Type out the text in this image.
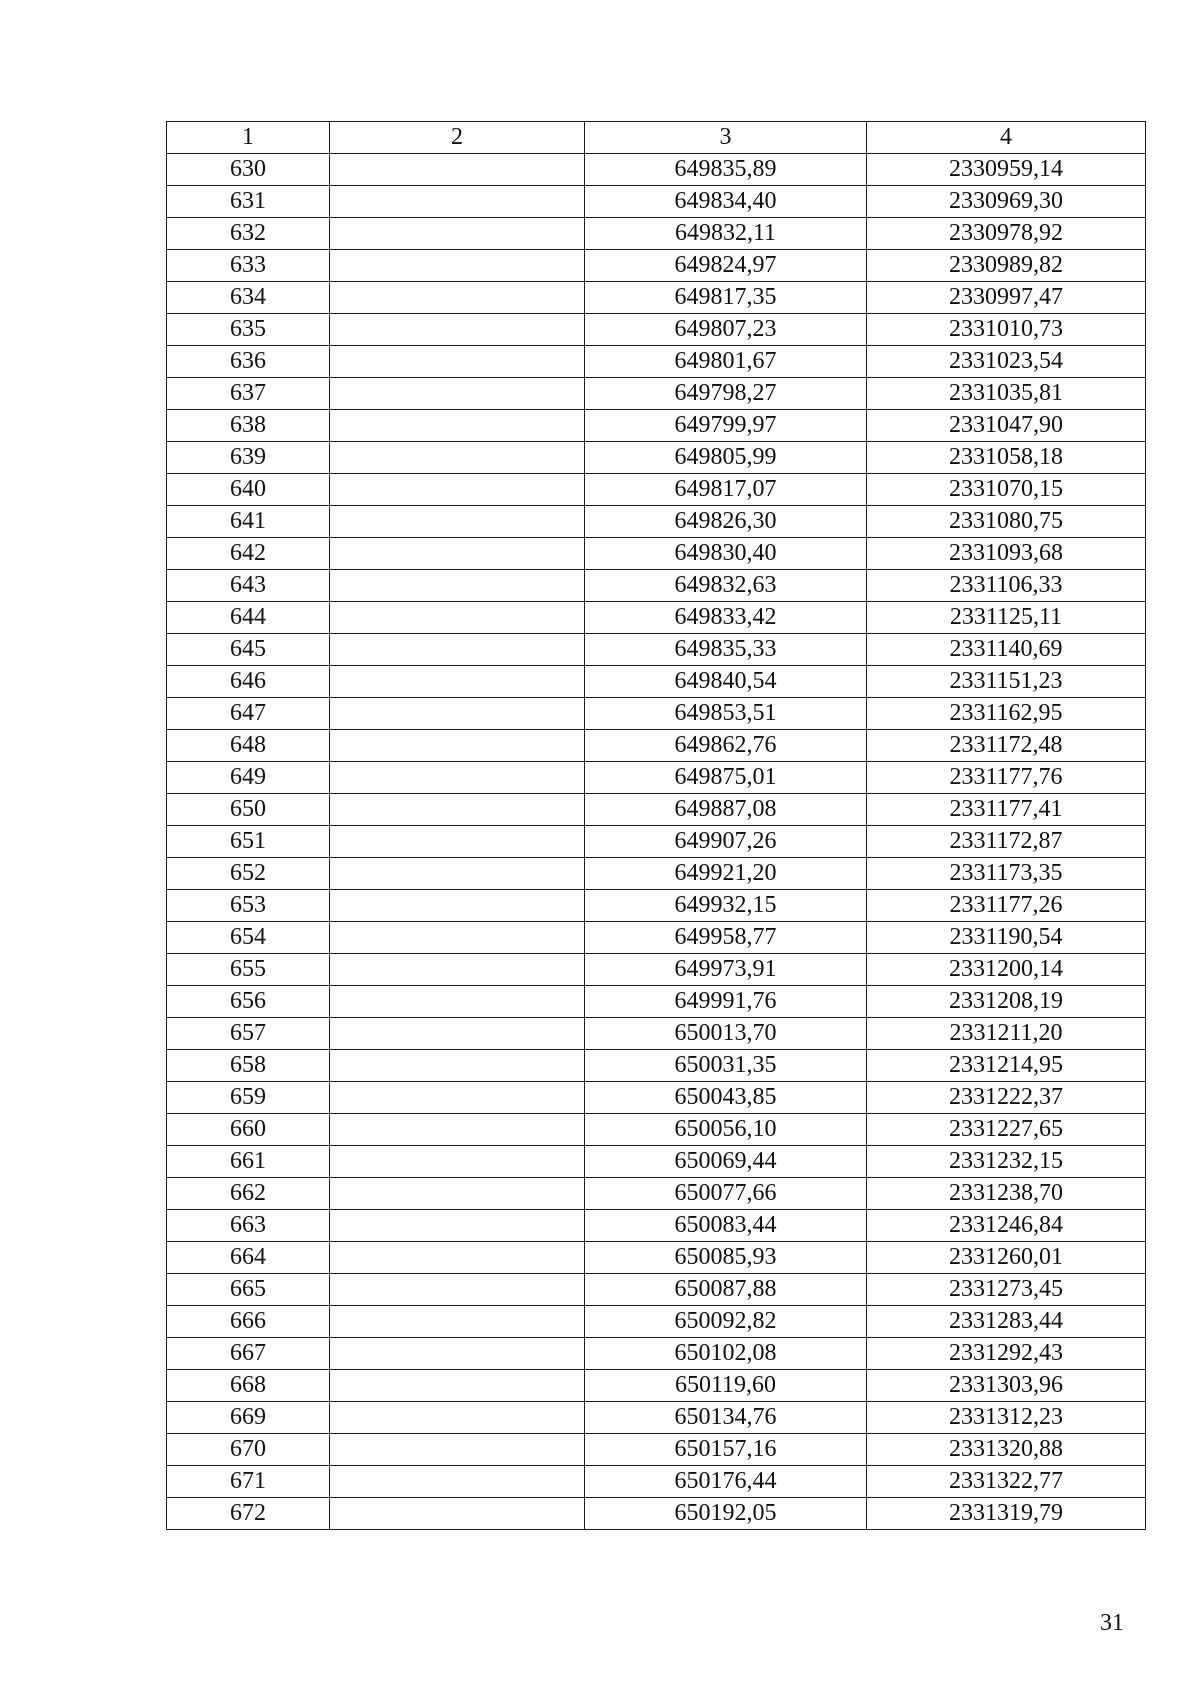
1	2	3	4
630		649835,89	2330959,14
631		649834,40	2330969,30
632		649832,11	2330978,92
633		649824,97	2330989,82
634		649817,35	2330997,47
635		649807,23	2331010,73
636		649801,67	2331023,54
637		649798,27	2331035,81
638		649799,97	2331047,90
639		649805,99	2331058,18
640		649817,07	2331070,15
641		649826,30	2331080,75
642		649830,40	2331093,68
643		649832,63	2331106,33
644		649833,42	2331125,11
645		649835,33	2331140,69
646		649840,54	2331151,23
647		649853,51	2331162,95
648		649862,76	2331172,48
649		649875,01	2331177,76
650		649887,08	2331177,41
651		649907,26	2331172,87
652		649921,20	2331173,35
653		649932,15	2331177,26
654		649958,77	2331190,54
655		649973,91	2331200,14
656		649991,76	2331208,19
657		650013,70	2331211,20
658		650031,35	2331214,95
659		650043,85	2331222,37
660		650056,10	2331227,65
661		650069,44	2331232,15
662		650077,66	2331238,70
663		650083,44	2331246,84
664		650085,93	2331260,01
665		650087,88	2331273,45
666		650092,82	2331283,44
667		650102,08	2331292,43
668		650119,60	2331303,96
669		650134,76	2331312,23
670		650157,16	2331320,88
671		650176,44	2331322,77
672		650192,05	2331319,79
31
